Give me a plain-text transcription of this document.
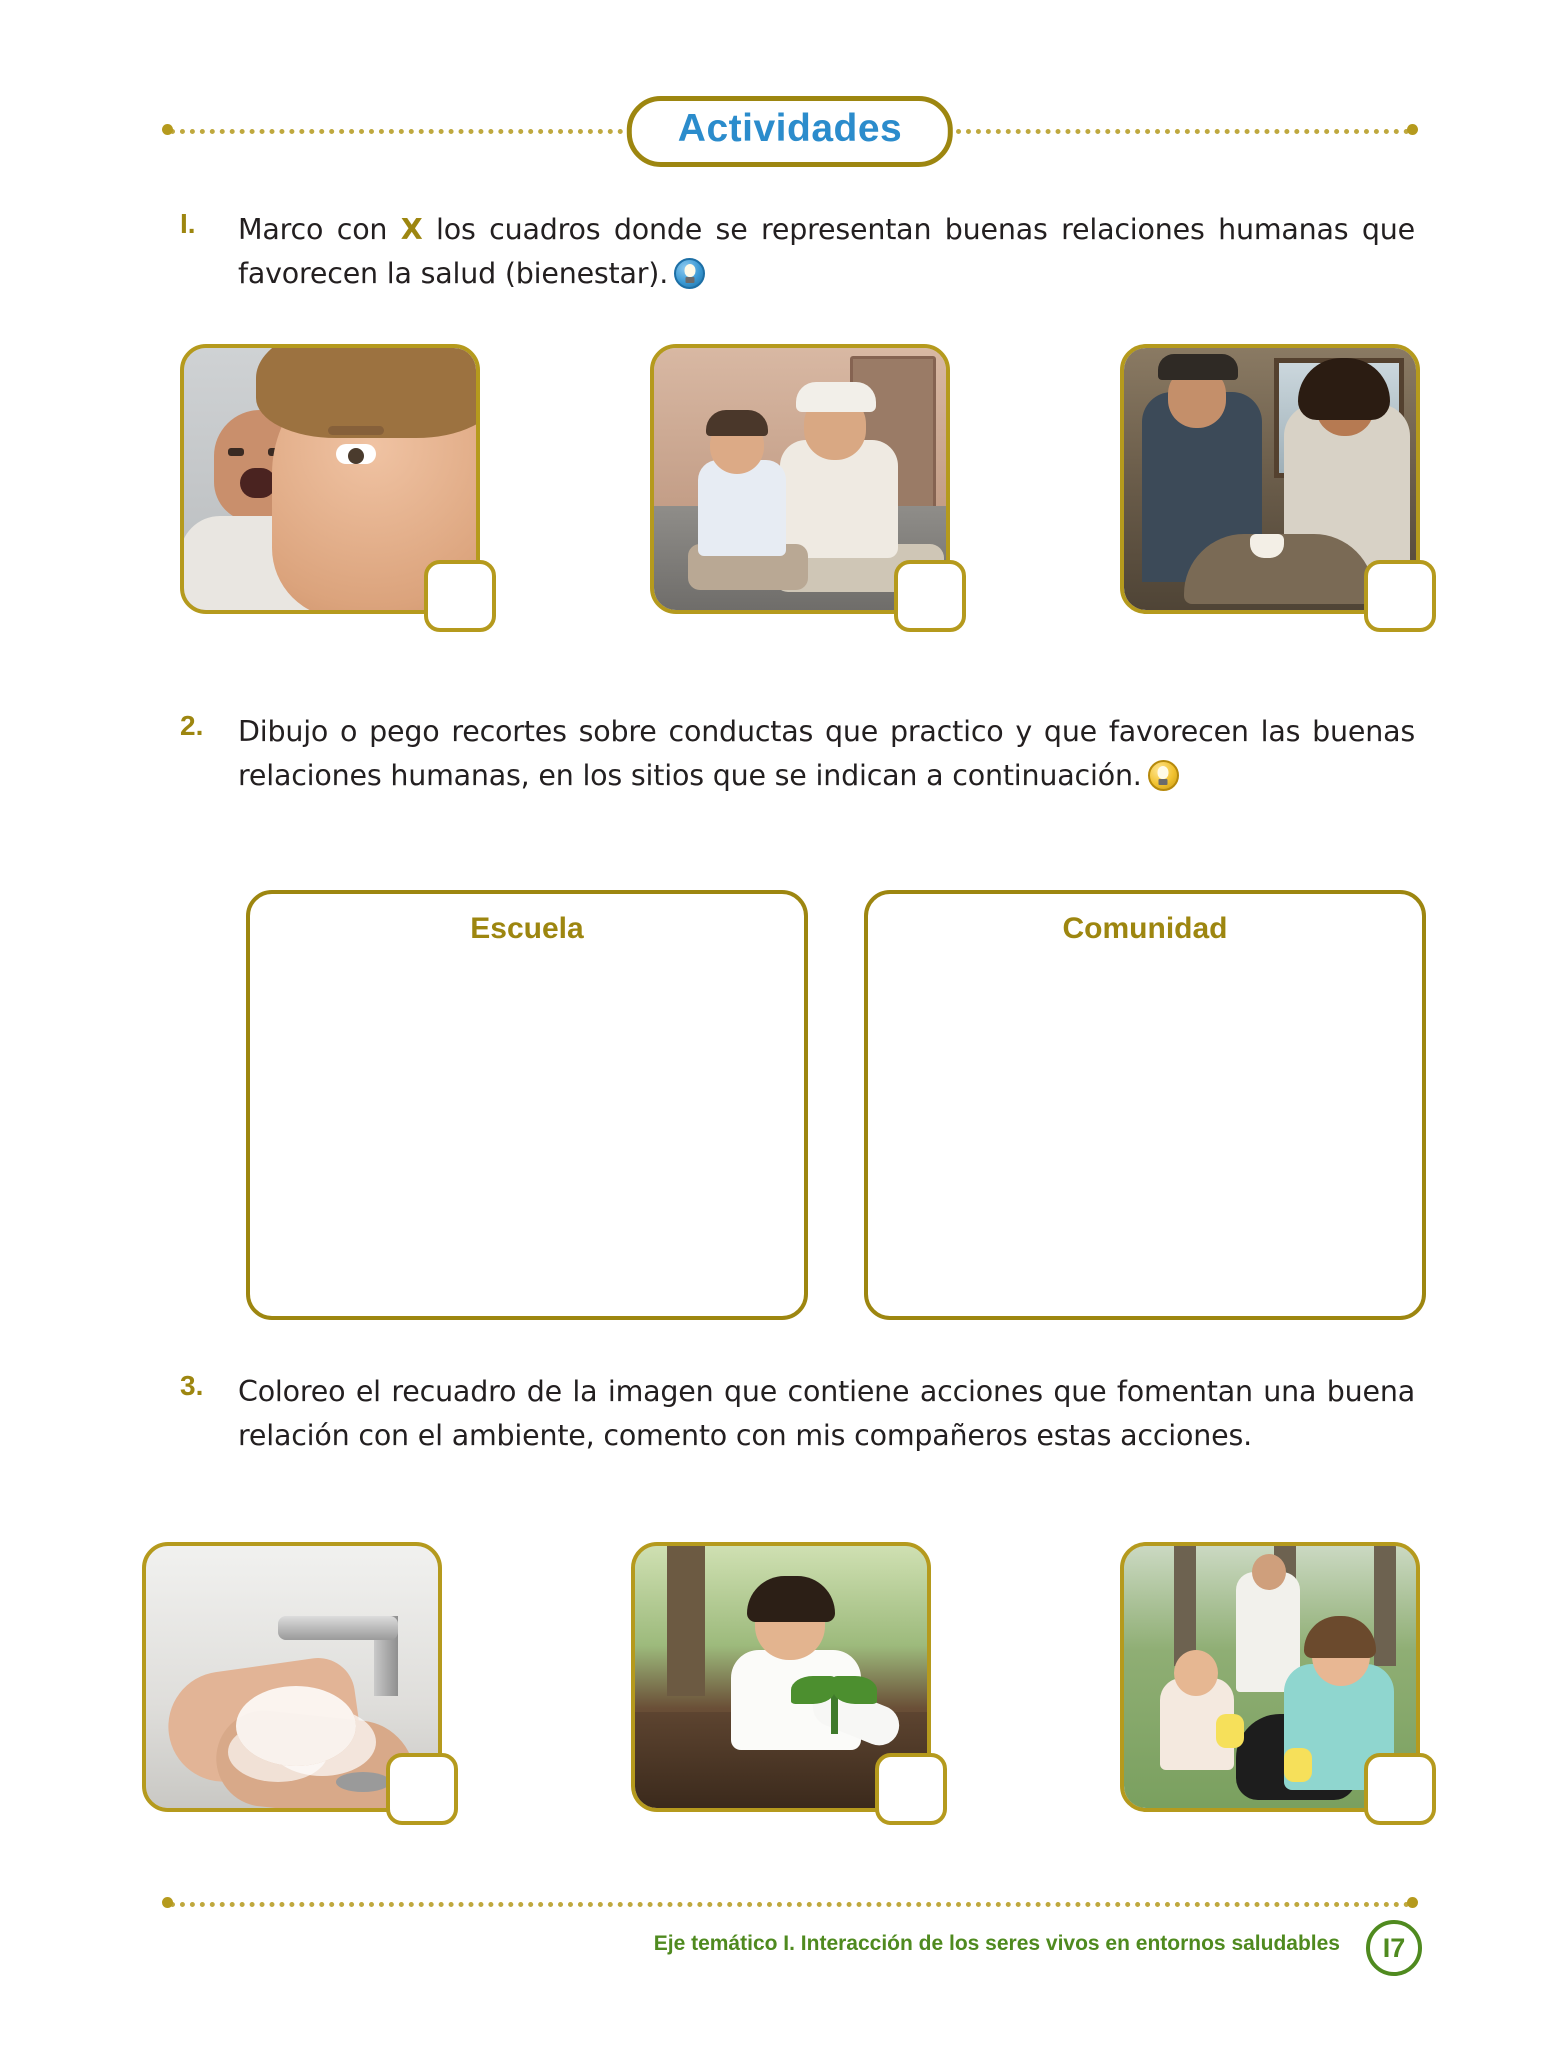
Actividades
I.	Marco con X los cuadros donde se representan buenas relaciones humanas que favorecen la salud (bienestar).
2.	Dibujo o pego recortes sobre conductas que practico y que favorecen las buenas relaciones humanas, en los sitios que se indican a continuación.
Escuela	Comunidad
3.	Coloreo el recuadro de la imagen que contiene acciones que fomentan una buena relación con el ambiente, comento con mis compañeros estas acciones.
Eje temático I. Interacción de los seres vivos en entornos saludables	I7
